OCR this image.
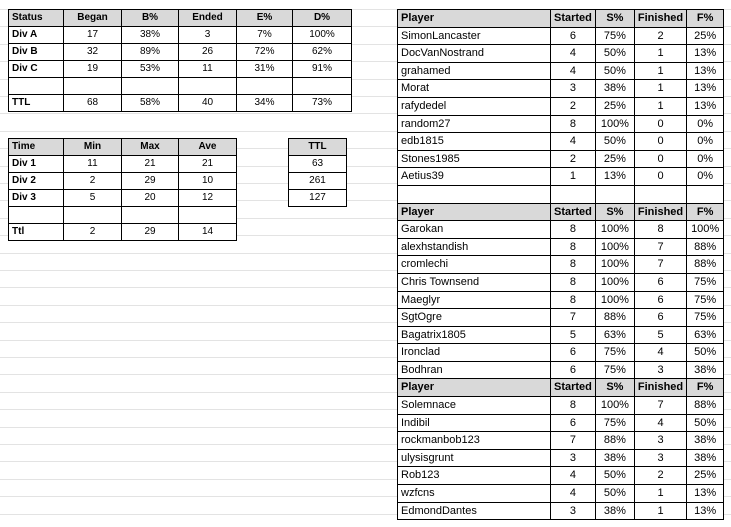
Status	Began	B%	Ended	E%	D%
Div A	17	38%	3	7%	100%
Div B	32	89%	26	72%	62%
Div C	19	53%	11	31%	91%

TTL	68	58%	40	34%	73%
Time	Min	Max	Ave
Div 1	11	21	21
Div 2	2	29	10
Div 3	5	20	12

Ttl	2	29	14
TTL
63
261
127
Player	Started	S%	Finished	F%
SimonLancaster	6	75%	2	25%
DocVanNostrand	4	50%	1	13%
grahamed	4	50%	1	13%
Morat	3	38%	1	13%
rafydedel	2	25%	1	13%
random27	8	100%	0	0%
edb1815	4	50%	0	0%
Stones1985	2	25%	0	0%
Aetius39	1	13%	0	0%

Player	Started	S%	Finished	F%
Garokan	8	100%	8	100%
alexhstandish	8	100%	7	88%
cromlechi	8	100%	7	88%
Chris Townsend	8	100%	6	75%
Maeglyr	8	100%	6	75%
SgtOgre	7	88%	6	75%
Bagatrix1805	5	63%	5	63%
Ironclad	6	75%	4	50%
Bodhran	6	75%	3	38%
Player	Started	S%	Finished	F%
Solemnace	8	100%	7	88%
Indibil	6	75%	4	50%
rockmanbob123	7	88%	3	38%
ulysisgrunt	3	38%	3	38%
Rob123	4	50%	2	25%
wzfcns	4	50%	1	13%
EdmondDantes	3	38%	1	13%
